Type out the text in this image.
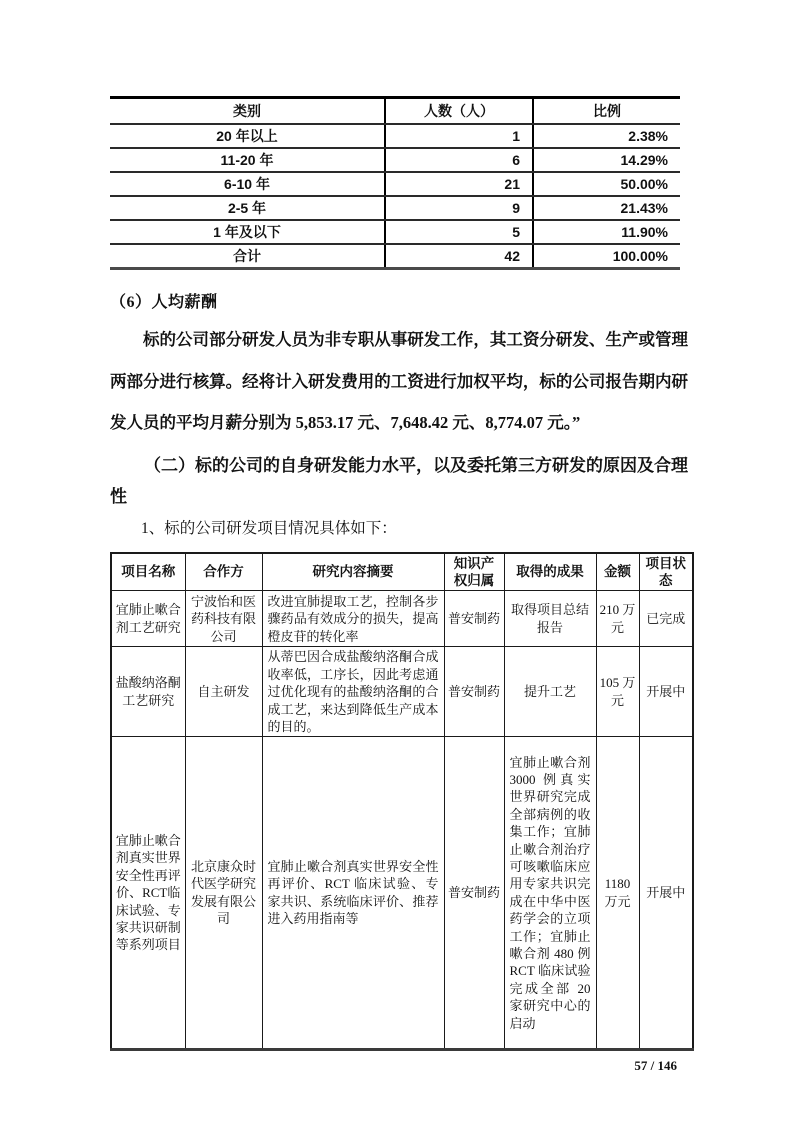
类别	人数（人）	比例
20 年以上	1	2.38%
11-20 年	6	14.29%
6-10 年	21	50.00%
2-5 年	9	21.43%
1 年及以下	5	11.90%
合计	42	100.00%
（6）人均薪酬
标的公司部分研发人员为非专职从事研发工作，其工资分研发、生产或管理两部分进行核算。经将计入研发费用的工资进行加权平均，标的公司报告期内研发人员的平均月薪分别为 5,853.17 元、7,648.42 元、8,774.07 元。”
（二）标的公司的自身研发能力水平，以及委托第三方研发的原因及合理性
1、标的公司研发项目情况具体如下：
项目名称	合作方	研究内容摘要	知识产权归属	取得的成果	金额	项目状态
宜肺止嗽合剂工艺研究	宁波怡和医药科技有限公司	改进宜肺提取工艺，控制各步骤药品有效成分的损失，提高橙皮苷的转化率	普安制药	取得项目总结报告	210 万元	已完成
盐酸纳洛酮工艺研究	自主研发	从蒂巴因合成盐酸纳洛酮合成收率低，工序长，因此考虑通过优化现有的盐酸纳洛酮的合成工艺，来达到降低生产成本的目的。	普安制药	提升工艺	105 万元	开展中
宜肺止嗽合剂真实世界安全性再评价、RCT临床试验、专家共识研制等系列项目	北京康众时代医学研究发展有限公司	宜肺止嗽合剂真实世界安全性再评价、RCT 临床试验、专家共识、系统临床评价、推荐进入药用指南等	普安制药	宜肺止嗽合剂3000 例真实世界研究完成全部病例的收集工作；宜肺止嗽合剂治疗可咳嗽临床应用专家共识完成在中华中医药学会的立项工作；宜肺止嗽合剂 480 例 RCT 临床试验完成全部 20 家研究中心的启动	1180 万元	开展中
57 / 146
